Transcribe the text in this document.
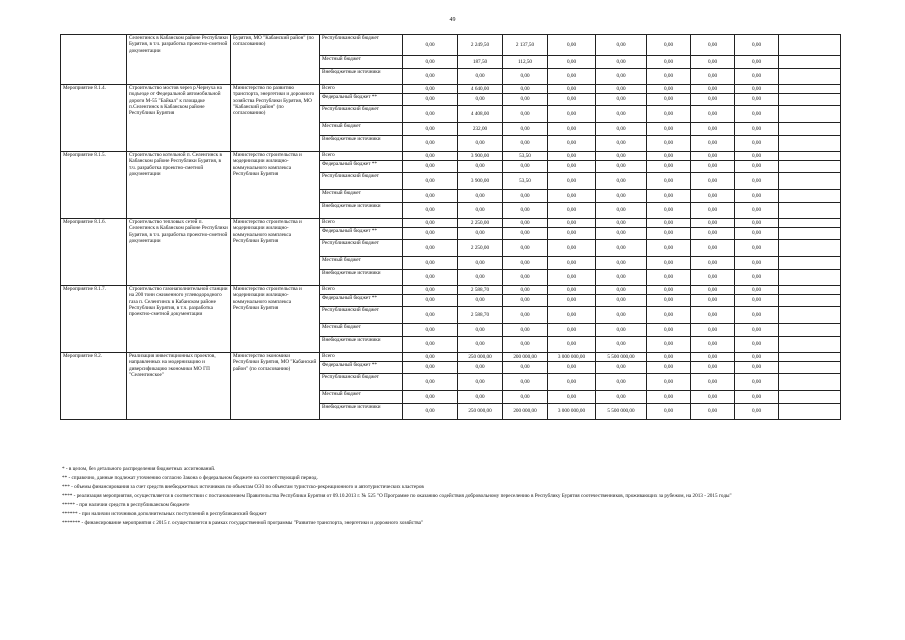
49
	Селенгинск в Кабанском районе Республики Бурятия, в т.ч. разработка проектно-сметной документации	Бурятия, МО "Кабанский район" (по согласованию)	Республиканский бюджет	0,00	2 249,50	2 137,50	0,00	0,00	0,00	0,00	0,00	
			Местный бюджет	0,00	187,50	112,50	0,00	0,00	0,00	0,00	0,00	
			Внебюджетные источники	0,00	0,00	0,00	0,00	0,00	0,00	0,00	0,00	
Мероприятие 8.1.4.	Строительство мостов через р.Чернуха на подъезде от Федеральной автомобильной дороги М-55 "Байкал" к площадке п.Селенгинск в Кабанском районе Республики Бурятия	Министерство по развитию транспорта, энергетики и дорожного хозяйства Республики Бурятия, МО "Кабанский район" (по согласованию)	Всего	0,00	4 640,00	0,00	0,00	0,00	0,00	0,00	0,00	
			Федеральный бюджет **	0,00	0,00	0,00	0,00	0,00	0,00	0,00	0,00	
			Республиканский бюджет	0,00	4 408,00	0,00	0,00	0,00	0,00	0,00	0,00	
			Местный бюджет	0,00	232,00	0,00	0,00	0,00	0,00	0,00	0,00	
			Внебюджетные источники	0,00	0,00	0,00	0,00	0,00	0,00	0,00	0,00	
Мероприятие 8.1.5.	Строительство котельной п. Селенгинск в Кабанском районе Республики Бурятия, в т.ч. разработка проектно-сметной документации	Министерство строительства и модернизации жилищно-коммунального комплекса Республики Бурятия	Всего	0,00	3 900,00	53,50	0,00	0,00	0,00	0,00	0,00	
			Федеральный бюджет **	0,00	0,00	0,00	0,00	0,00	0,00	0,00	0,00	
			Республиканский бюджет	0,00	3 900,00	53,50	0,00	0,00	0,00	0,00	0,00	
			Местный бюджет	0,00	0,00	0,00	0,00	0,00	0,00	0,00	0,00	
			Внебюджетные источники	0,00	0,00	0,00	0,00	0,00	0,00	0,00	0,00	
Мероприятие 8.1.6.	Строительство тепловых сетей п. Селенгинск в Кабанском районе Республики Бурятия, в т.ч. разработка проектно-сметной документации	Министерство строительства и модернизации жилищно-коммунального комплекса Республики Бурятия	Всего	0,00	2 250,00	0,00	0,00	0,00	0,00	0,00	0,00	
			Федеральный бюджет **	0,00	0,00	0,00	0,00	0,00	0,00	0,00	0,00	
			Республиканский бюджет	0,00	2 250,00	0,00	0,00	0,00	0,00	0,00	0,00	
			Местный бюджет	0,00	0,00	0,00	0,00	0,00	0,00	0,00	0,00	
			Внебюджетные источники	0,00	0,00	0,00	0,00	0,00	0,00	0,00	0,00	
Мероприятие 8.1.7.	Строительство газонаполнительной станции на 200 тонн сжиженного углеводородного газа п. Селенгинск в Кабанском районе Республики Бурятия, в т.ч. разработка проектно-сметной документации	Министерство строительства и модернизации жилищно-коммунального комплекса Республики Бурятия	Всего	0,00	2 588,70	0,00	0,00	0,00	0,00	0,00	0,00	
			Федеральный бюджет **	0,00	0,00	0,00	0,00	0,00	0,00	0,00	0,00	
			Республиканский бюджет	0,00	2 588,70	0,00	0,00	0,00	0,00	0,00	0,00	
			Местный бюджет	0,00	0,00	0,00	0,00	0,00	0,00	0,00	0,00	
			Внебюджетные источники	0,00	0,00	0,00	0,00	0,00	0,00	0,00	0,00	
Мероприятие 8.2.	Реализация инвестиционных проектов, направленных на модернизацию и диверсификацию экономики МО ГП "Селенгинское"	Министерство экономики Республики Бурятия, МО "Кабанский район" (по согласованию)	Всего	0,00	250 000,00	200 000,00	3 000 000,00	5 500 000,00	0,00	0,00	0,00	
			Федеральный бюджет **	0,00	0,00	0,00	0,00	0,00	0,00	0,00	0,00	
			Республиканский бюджет	0,00	0,00	0,00	0,00	0,00	0,00	0,00	0,00	
			Местный бюджет	0,00	0,00	0,00	0,00	0,00	0,00	0,00	0,00	
			Внебюджетные источники	0,00	250 000,00	200 000,00	3 000 000,00	5 500 000,00	0,00	0,00	0,00	

* - в целом, без детального распределения бюджетных ассигнований.

** - справочно, данные подлежат уточнению согласно Закона о федеральном бюджете на соответствующий период.

*** - объемы финансирования за счет средств внебюджетных источников по объектам ОЭЗ по объектам туристско-рекреационного и автотуристических кластеров

**** - реализация мероприятия, осуществляется в соответствии с постановлением Правительства Республики Бурятия от 09.10.2013 г. № 525 "О Программе по оказанию содействия добровольному переселению в Республику Бурятия соотечественников, проживающих за рубежом, на 2013 - 2015 годы"

***** - при наличии средств в республиканском бюджете

****** - при наличии источников дополнительных поступлений в республиканский бюджет

******* - финансирование мероприятия с 2015 г. осуществляется в рамках государственной программы "Развитие транспорта, энергетики и дорожного хозяйства"
